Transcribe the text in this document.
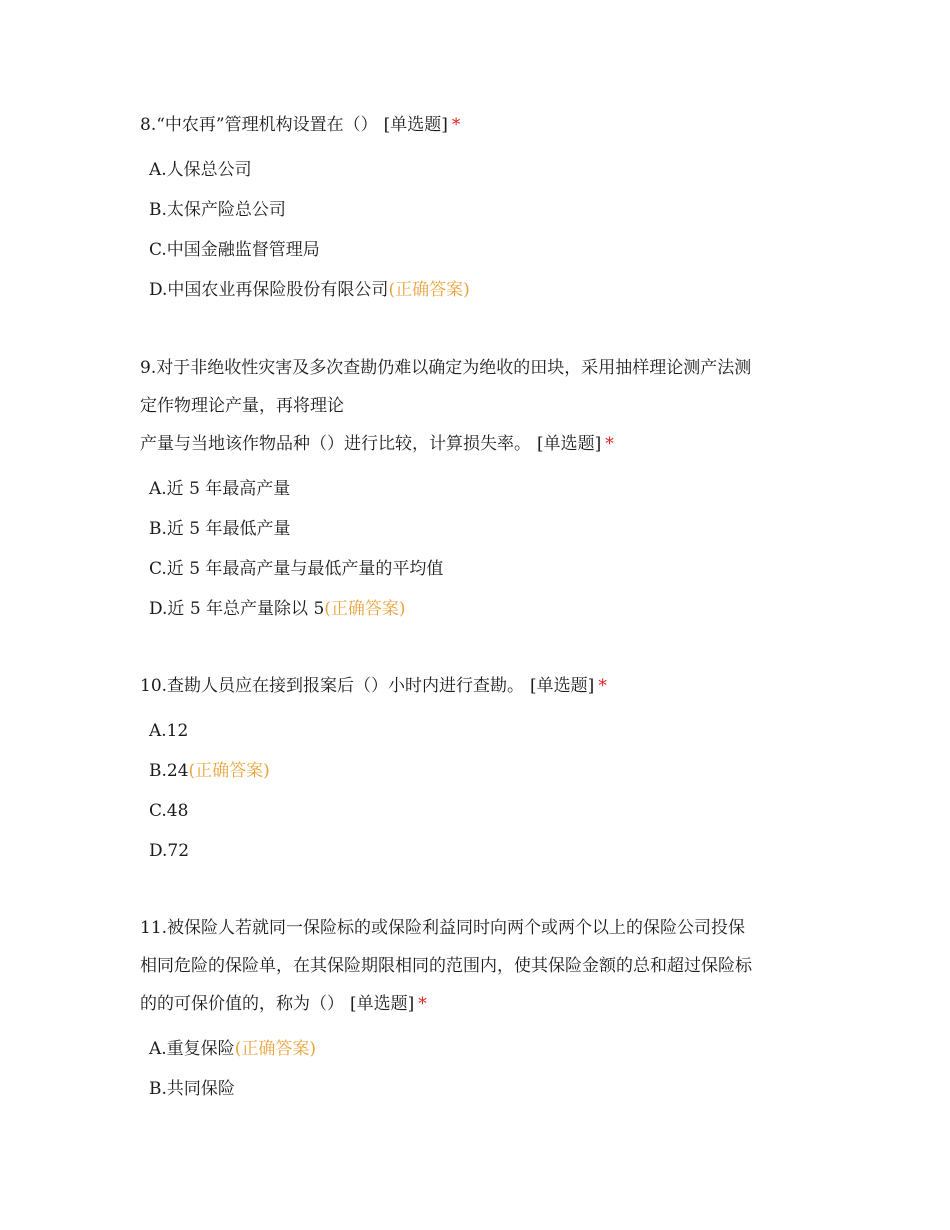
8.“中农再”管理机构设置在（） [单选题] *

A.人保总公司
B.太保产险总公司
C.中国金融监督管理局
D.中国农业再保险股份有限公司(正确答案)

9.对于非绝收性灾害及多次查勘仍难以确定为绝收的田块，采用抽样理论测产法测
定作物理论产量，再将理论
产量与当地该作物品种（）进行比较，计算损失率。 [单选题] *

A.近 5 年最高产量
B.近 5 年最低产量
C.近 5 年最高产量与最低产量的平均值
D.近 5 年总产量除以 5(正确答案)

10.查勘人员应在接到报案后（）小时内进行查勘。 [单选题] *

A.12
B.24(正确答案)
C.48
D.72

11.被保险人若就同一保险标的或保险利益同时向两个或两个以上的保险公司投保
相同危险的保险单，在其保险期限相同的范围内，使其保险金额的总和超过保险标
的的可保价值的，称为（） [单选题] *

A.重复保险(正确答案)
B.共同保险
